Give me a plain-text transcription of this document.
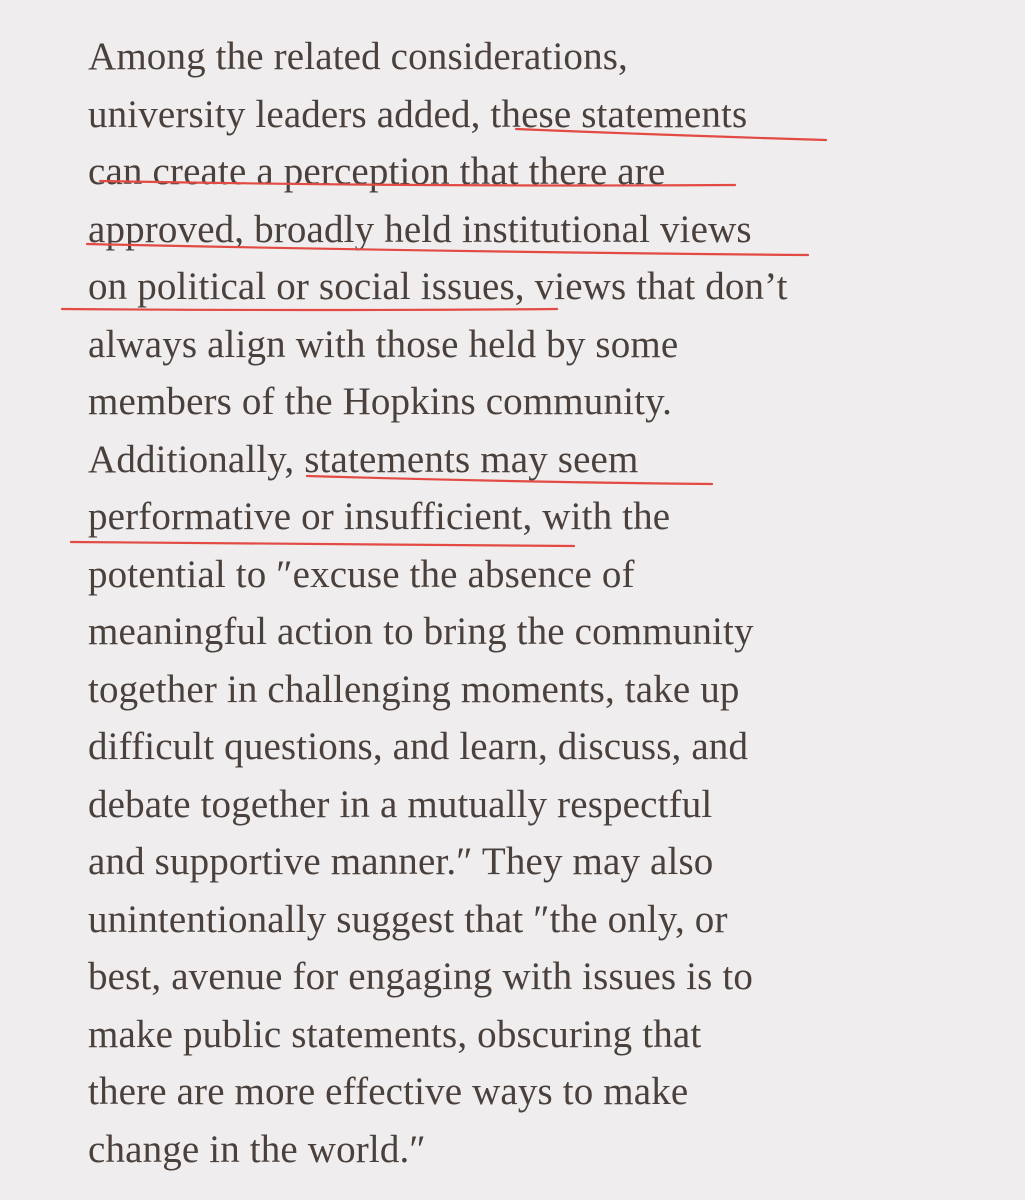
Among the related considerations,
university leaders added, these statements
can create a perception that there are
approved, broadly held institutional views
on political or social issues, views that don’t
always align with those held by some
members of the Hopkins community.
Additionally, statements may seem
performative or insufficient, with the
potential to ″excuse the absence of
meaningful action to bring the community
together in challenging moments, take up
difficult questions, and learn, discuss, and
debate together in a mutually respectful
and supportive manner.″ They may also
unintentionally suggest that ″the only, or
best, avenue for engaging with issues is to
make public statements, obscuring that
there are more effective ways to make
change in the world.″
